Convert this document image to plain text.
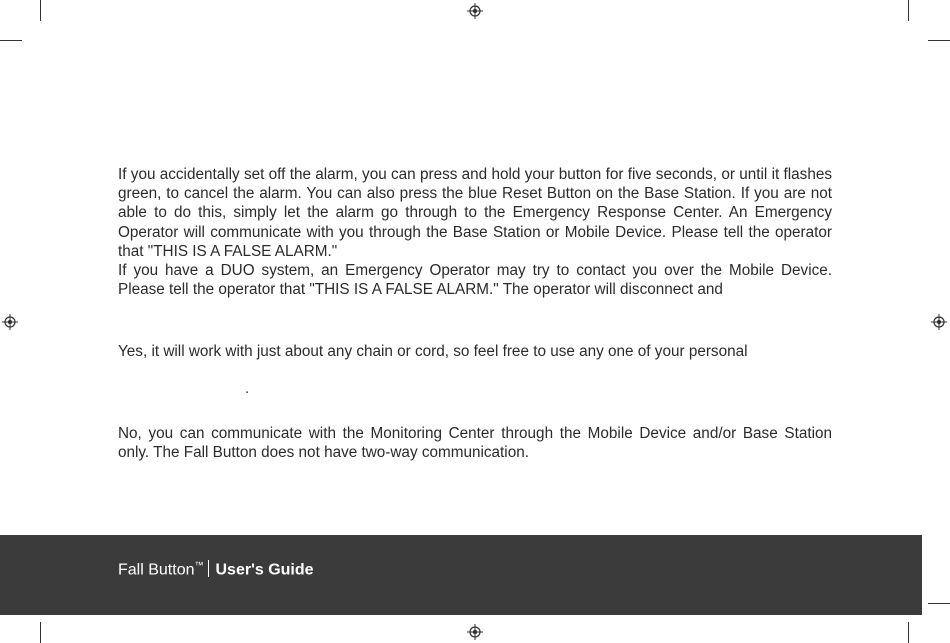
If you accidentally set off the alarm, you can press and hold your button for five seconds, or until it flashes green, to cancel the alarm. You can also press the blue Reset Button on the Base Station. If you are not able to do this, simply let the alarm go through to the Emergency Response Center. An Emergency Operator will communicate with you through the Base Station or Mobile Device. Please tell the operator that "THIS IS A FALSE ALARM."

If you have a DUO system, an Emergency Operator may try to contact you over the Mobile Device. Please tell the operator that "THIS IS A FALSE ALARM." The operator will disconnect and

Yes, it will work with just about any chain or cord, so feel free to use any one of your personal

.

No, you can communicate with the Monitoring Center through the Mobile Device and/or Base Station only. The Fall Button does not have two-way communication.

Fall Button™ User's Guide
